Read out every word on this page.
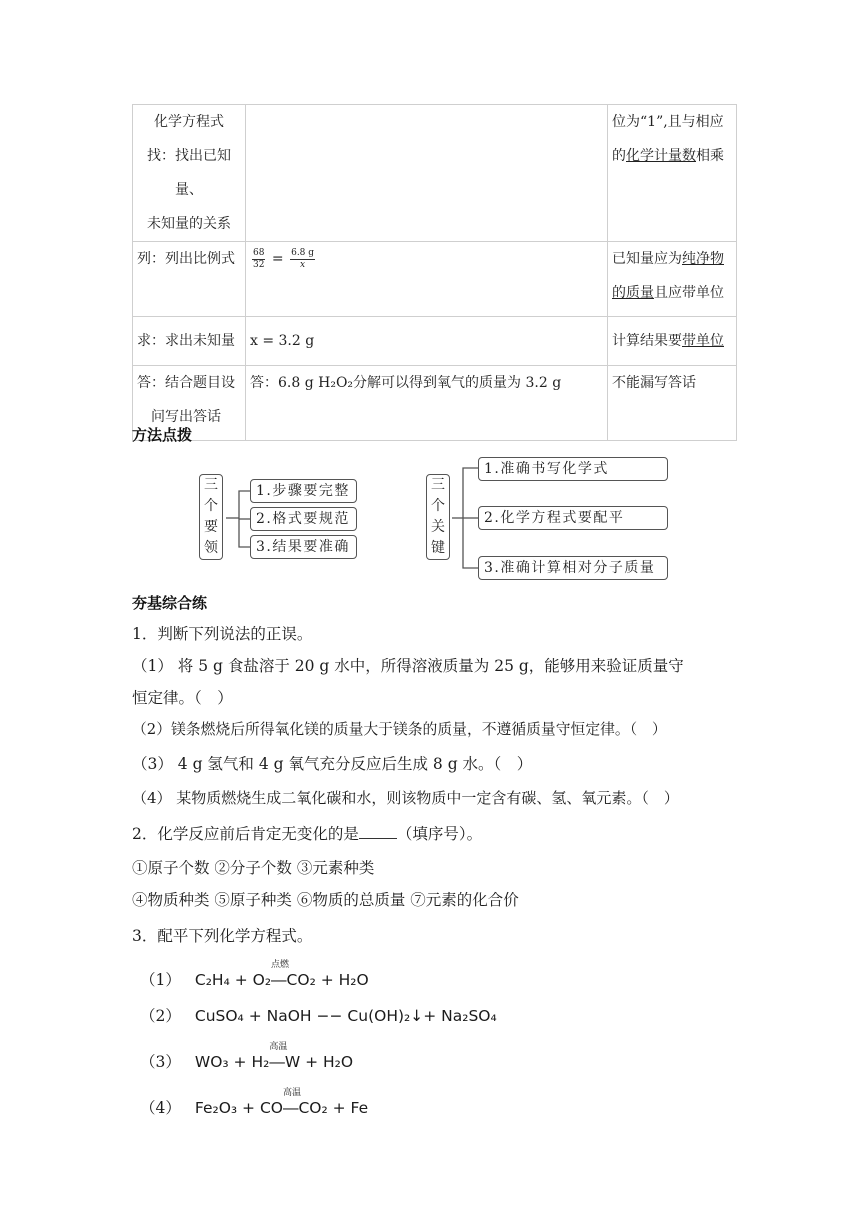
化学方程式
找：找出已知量、
未知量的关系		位为“1”,且与相应
的化学计量数相乘

列：列出比例式	$\frac{68}{32} = \frac{6.8 g}{x}$	已知量应为纯净物
的质量且应带单位

求：求出未知量	x = 3.2 g	计算结果要带单位

答：结合题目设
问写出答话	答：6.8 g H₂O₂分解可以得到氧气的质量为 3.2 g	不能漏写答话
方法点拨
三
个
要
领
1.步骤要完整
2.格式要规范
3.结果要准确
三
个
关
键
1.准确书写化学式
2.化学方程式要配平
3.准确计算相对分子质量
夯基综合练
1．判断下列说法的正误。
（1） 将 5 g 食盐溶于 20 g 水中，所得溶液质量为 25 g，能够用来验证质量守
恒定律。（　）
（2）镁条燃烧后所得氧化镁的质量大于镁条的质量，不遵循质量守恒定律。（　）
（3） 4 g 氢气和 4 g 氧气充分反应后生成 8 g 水。（　）
（4） 某物质燃烧生成二氧化碳和水，则该物质中一定含有碳、氢、氧元素。（　）
2．化学反应前后肯定无变化的是 （填序号）。
①原子个数 ②分子个数 ③元素种类
④物质种类 ⑤原子种类 ⑥物质的总质量 ⑦元素的化合价
3．配平下列化学方程式。
（1） C₂H₄ + O₂
点燃
―CO₂ + H₂O
（2） CuSO₄ + NaOH −− Cu(OH)₂↓+ Na₂SO₄
（3） WO₃ + H₂
高温
―W + H₂O
（4） Fe₂O₃ + CO
高温
―CO₂ + Fe
